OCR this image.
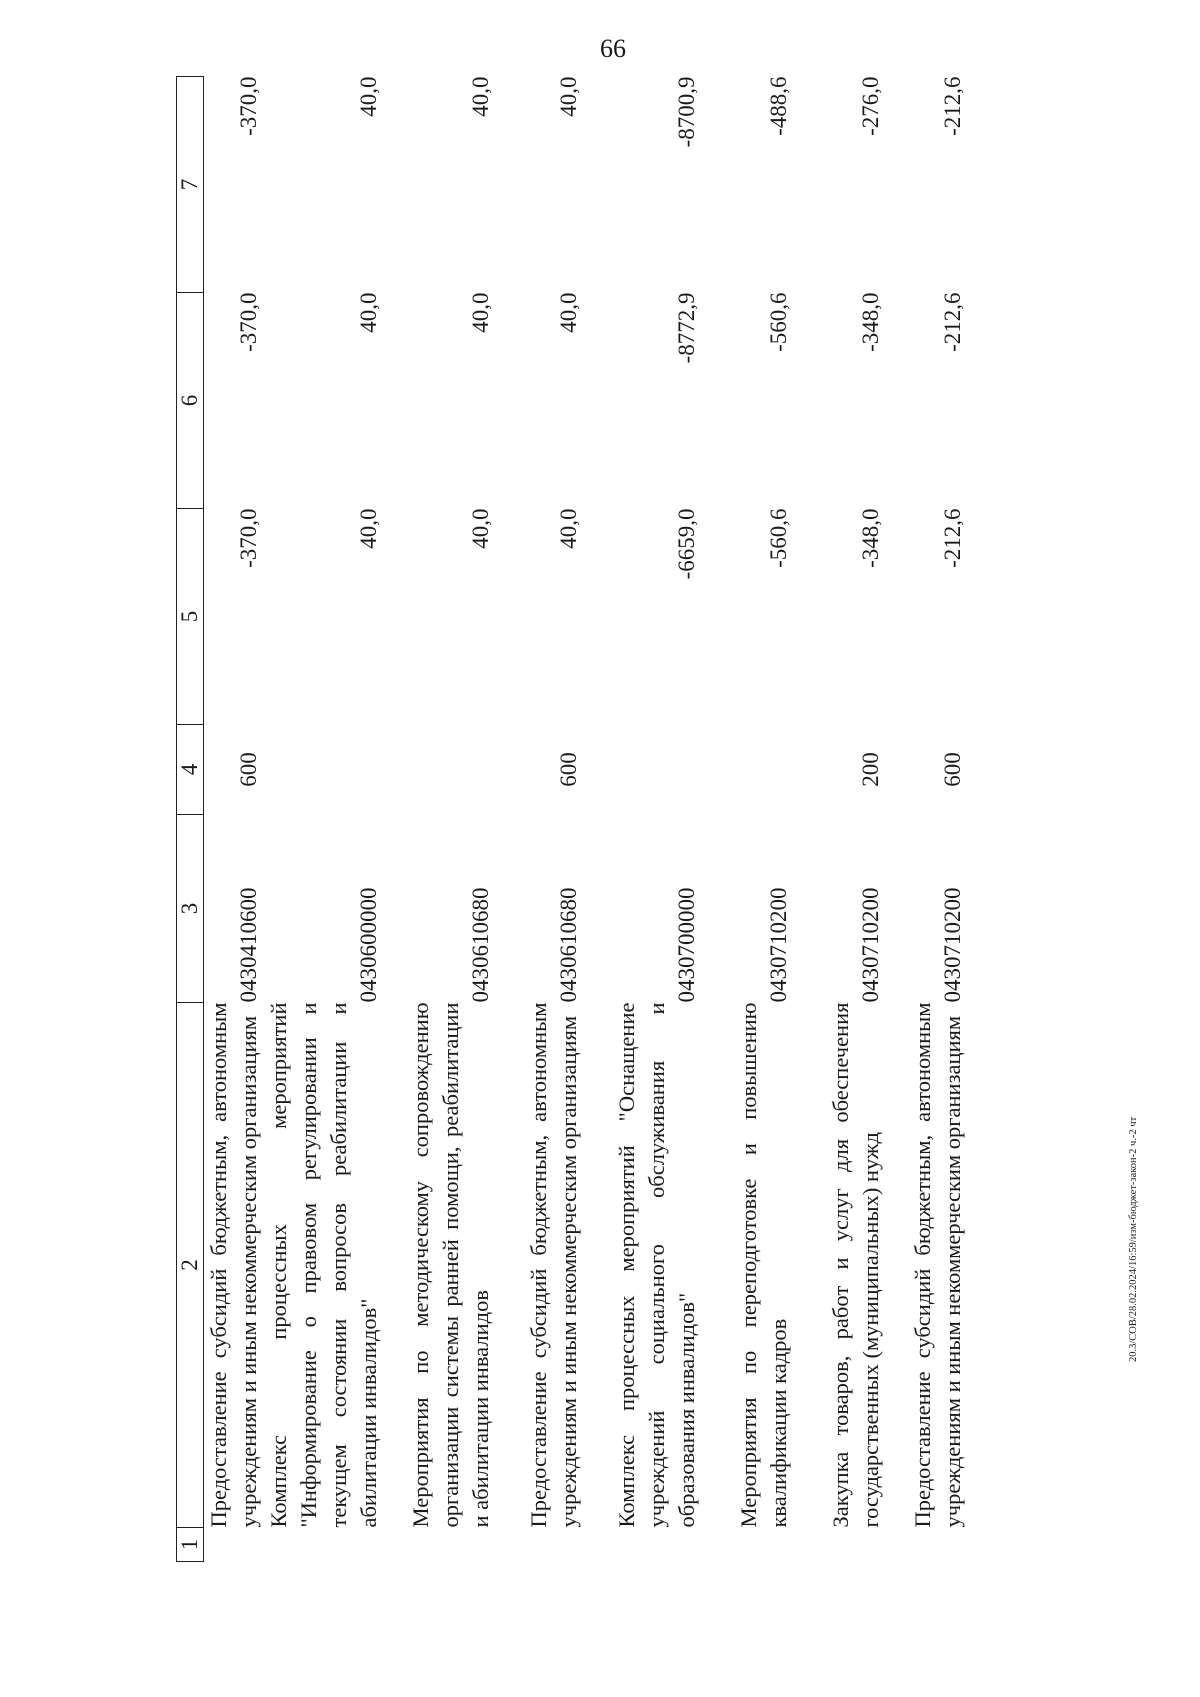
66
1	2	3	4	5	6	7
	Предоставление субсидий бюджетным, автономным учреждениям и иным некоммерческим организациям	0430410600	600	-370,0	-370,0	-370,0
	Комплекс процессных мероприятий "Информирование о правовом регулировании и текущем состоянии вопросов реабилитации и абилитации инвалидов"	0430600000		40,0	40,0	40,0
	Мероприятия по методическому сопровождению организации системы ранней помощи, реабилитации и абилитации инвалидов	0430610680		40,0	40,0	40,0
	Предоставление субсидий бюджетным, автономным учреждениям и иным некоммерческим организациям	0430610680	600	40,0	40,0	40,0
	Комплекс процессных мероприятий "Оснащение учреждений социального обслуживания и образования инвалидов"	0430700000		-6659,0	-8772,9	-8700,9
	Мероприятия по переподготовке и повышению квалификации кадров	0430710200		-560,6	-560,6	-488,6
	Закупка товаров, работ и услуг для обеспечения государственных (муниципальных) нужд	0430710200	200	-348,0	-348,0	-276,0
	Предоставление субсидий бюджетным, автономным учреждениям и иным некоммерческим организациям	0430710200	600	-212,6	-212,6	-212,6
20.3/СОВ/28.02.2024/16:59/изм-бюджет-закон-2 ч.-2 чт
